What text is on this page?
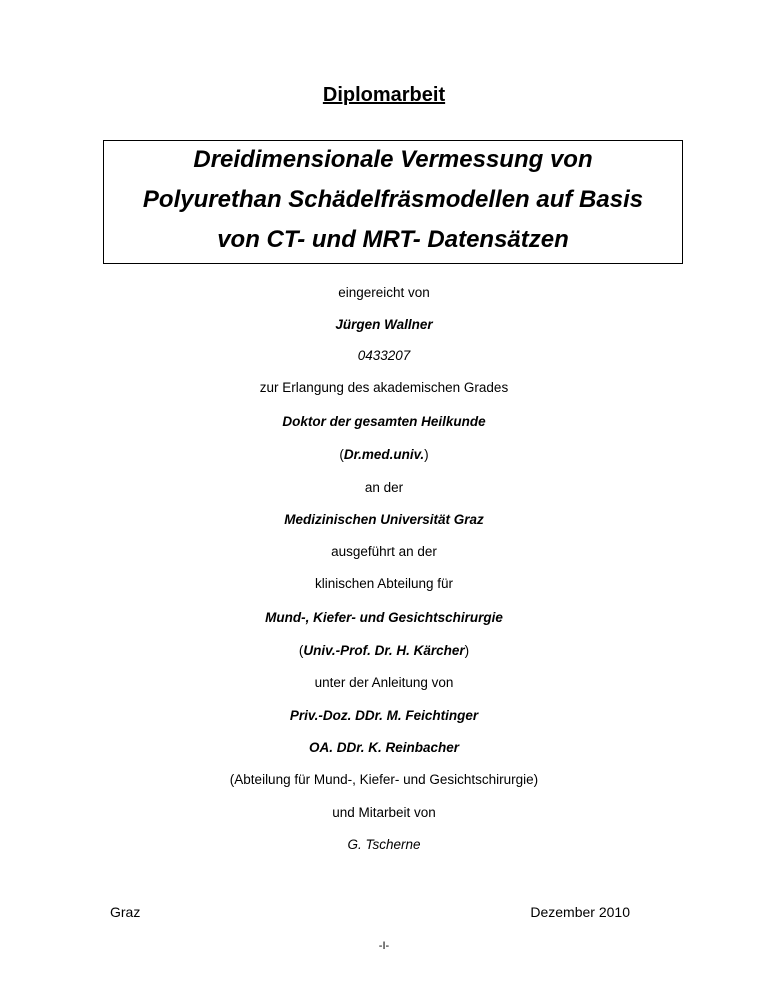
Diplomarbeit
Dreidimensionale Vermessung von
Polyurethan Schädelfräsmodellen auf Basis
von CT- und MRT- Datensätzen
eingereicht von
Jürgen Wallner
0433207
zur Erlangung des akademischen Grades
Doktor der gesamten Heilkunde
(Dr.med.univ.)
an der
Medizinischen Universität Graz
ausgeführt an der
klinischen Abteilung für
Mund-, Kiefer- und Gesichtschirurgie
(Univ.-Prof. Dr. H. Kärcher)
unter der Anleitung von
Priv.-Doz. DDr. M. Feichtinger
OA. DDr. K. Reinbacher
(Abteilung für Mund-, Kiefer- und Gesichtschirurgie)
und Mitarbeit von
G. Tscherne
Graz	Dezember 2010
-I-
